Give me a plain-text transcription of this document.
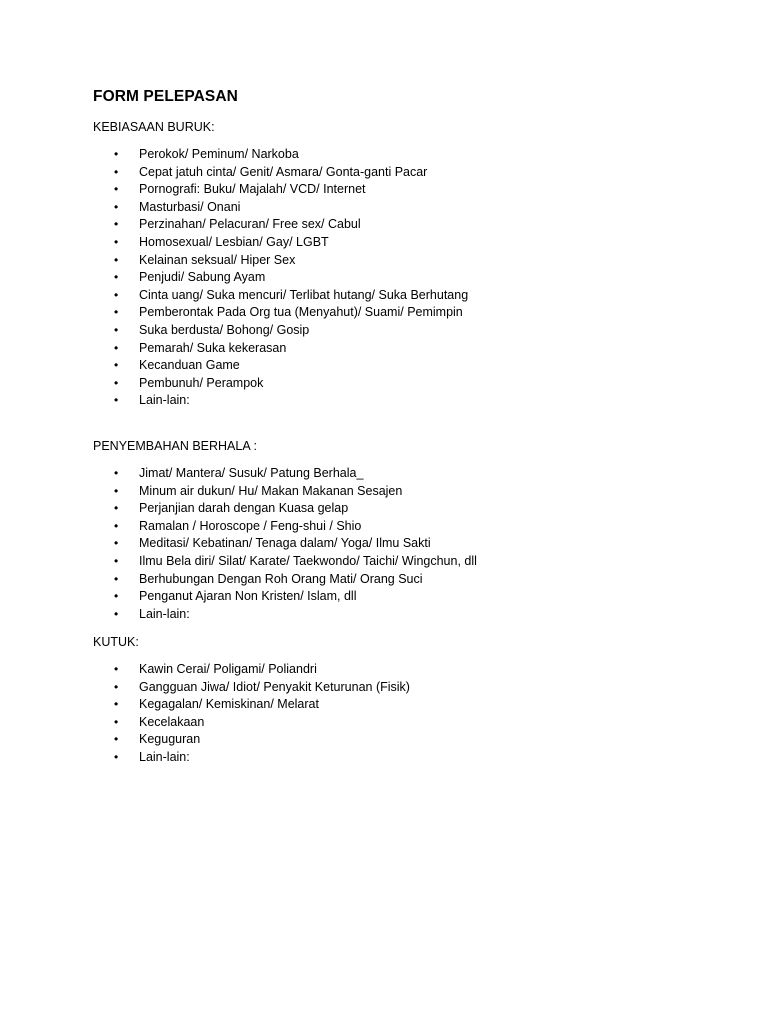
FORM PELEPASAN
KEBIASAAN BURUK:
• Perokok/ Peminum/ Narkoba
• Cepat jatuh cinta/ Genit/ Asmara/ Gonta-ganti Pacar
• Pornografi: Buku/ Majalah/ VCD/ Internet
• Masturbasi/ Onani
• Perzinahan/ Pelacuran/ Free sex/ Cabul
• Homosexual/ Lesbian/ Gay/ LGBT
• Kelainan seksual/ Hiper Sex
• Penjudi/ Sabung Ayam
• Cinta uang/ Suka mencuri/ Terlibat hutang/ Suka Berhutang
• Pemberontak Pada Org tua (Menyahut)/ Suami/ Pemimpin
• Suka berdusta/ Bohong/ Gosip
• Pemarah/ Suka kekerasan
• Kecanduan Game
• Pembunuh/ Perampok
• Lain-lain:
PENYEMBAHAN BERHALA :
• Jimat/ Mantera/ Susuk/ Patung Berhala_
• Minum air dukun/ Hu/ Makan Makanan Sesajen
• Perjanjian darah dengan Kuasa gelap
• Ramalan / Horoscope / Feng-shui / Shio
• Meditasi/ Kebatinan/ Tenaga dalam/ Yoga/ Ilmu Sakti
• Ilmu Bela diri/ Silat/ Karate/ Taekwondo/ Taichi/ Wingchun, dll
• Berhubungan Dengan Roh Orang Mati/ Orang Suci
• Penganut Ajaran Non Kristen/ Islam, dll
• Lain-lain:
KUTUK:
• Kawin Cerai/ Poligami/ Poliandri
• Gangguan Jiwa/ Idiot/ Penyakit Keturunan (Fisik)
• Kegagalan/ Kemiskinan/ Melarat
• Kecelakaan
• Keguguran
• Lain-lain:
